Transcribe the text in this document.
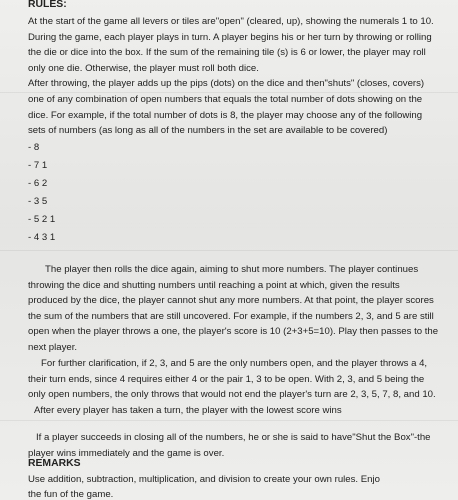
RULES:
At the start of the game all levers or tiles are"open" (cleared, up), showing the numerals 1 to 10.
During the game, each player plays in turn. A player begins his or her turn by throwing or rolling
the die or dice into the box. If the sum of the remaining tile (s) is 6 or lower, the player may roll
only one die. Otherwise, the player must roll both dice.
After throwing, the player adds up the pips (dots) on the dice and then"shuts" (closes, covers)
one of any combination of open numbers that equals the total number of dots showing on the
dice. For example, if the total number of dots is 8, the player may choose any of the following
sets of numbers (as long as all of the numbers in the set are available to be covered)
- 8
- 7 1
- 6 2
- 3 5
- 5 2 1
- 4 3 1
The player then rolls the dice again, aiming to shut more numbers. The player continues
throwing the dice and shutting numbers until reaching a point at which, given the results
produced by the dice, the player cannot shut any more numbers. At that point, the player scores
the sum of the numbers that are still uncovered. For example, if the numbers 2, 3, and 5 are still
open when the player throws a one, the player's score is 10 (2+3+5=10). Play then passes to the
next player.
For further clarification, if 2, 3, and 5 are the only numbers open, and the player throws a 4,
their turn ends, since 4 requires either 4 or the pair 1, 3 to be open. With 2, 3, and 5 being the
only open numbers, the only throws that would not end the player's turn are 2, 3, 5, 7, 8, and 10.
After every player has taken a turn, the player with the lowest score wins
If a player succeeds in closing all of the numbers, he or she is said to have"Shut the Box"-the
player wins immediately and the game is over.
REMARKS
Use addition, subtraction, multiplication, and division to create your own rules. Enjo
the fun of the game.
